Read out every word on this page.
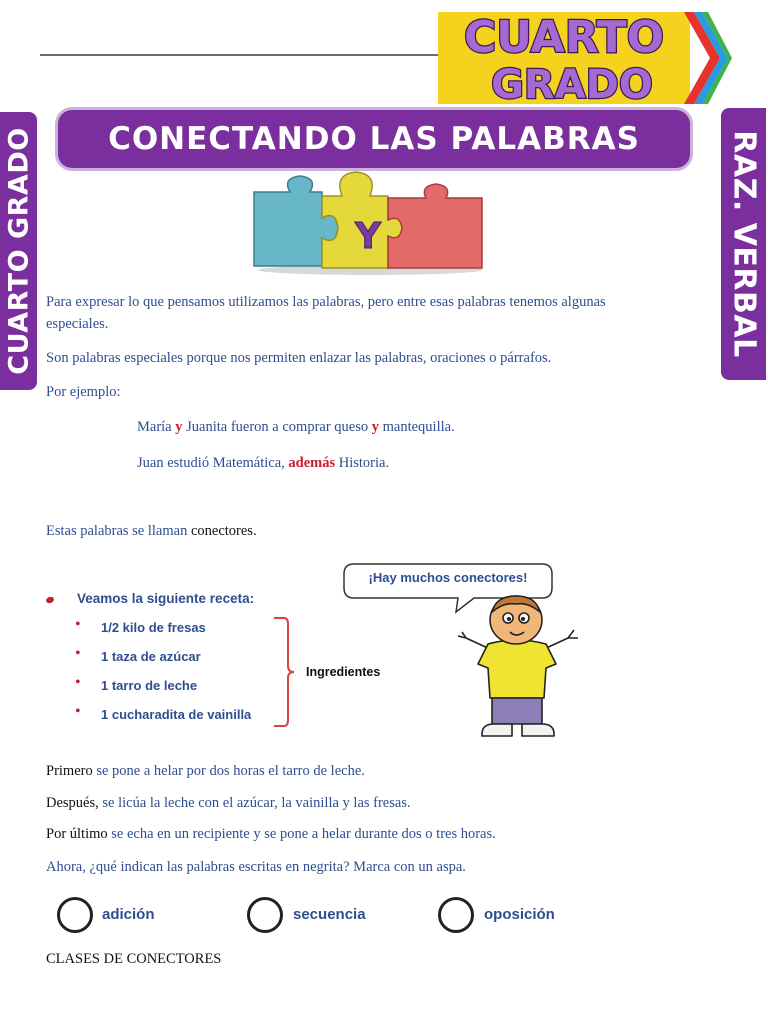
CUARTO
GRADO
CUARTO GRADO	RAZ. VERBAL
CONECTANDO LAS PALABRAS
Y

Para expresar lo que pensamos utilizamos las palabras, pero entre esas palabras tenemos algunas

especiales.

Son palabras especiales porque nos permiten enlazar las palabras, oraciones o párrafos.

Por ejemplo:

María y Juanita fueron a comprar queso y mantequilla.

Juan estudió Matemática, además Historia.

Estas palabras se llaman conectores.

Veamos la siguiente receta:
• 1/2 kilo de fresas
• 1 taza de azúcar
• 1 tarro de leche
• 1 cucharadita de vainilla
Ingredientes
¡Hay muchos conectores!

Primero se pone a helar por dos horas el tarro de leche.

Después, se licúa la leche con el azúcar, la vainilla y las fresas.

Por último se echa en un recipiente y se pone a helar durante dos o tres horas.

Ahora, ¿qué indican las palabras escritas en negrita? Marca con un aspa.

adición	secuencia	oposición

CLASES DE CONECTORES
